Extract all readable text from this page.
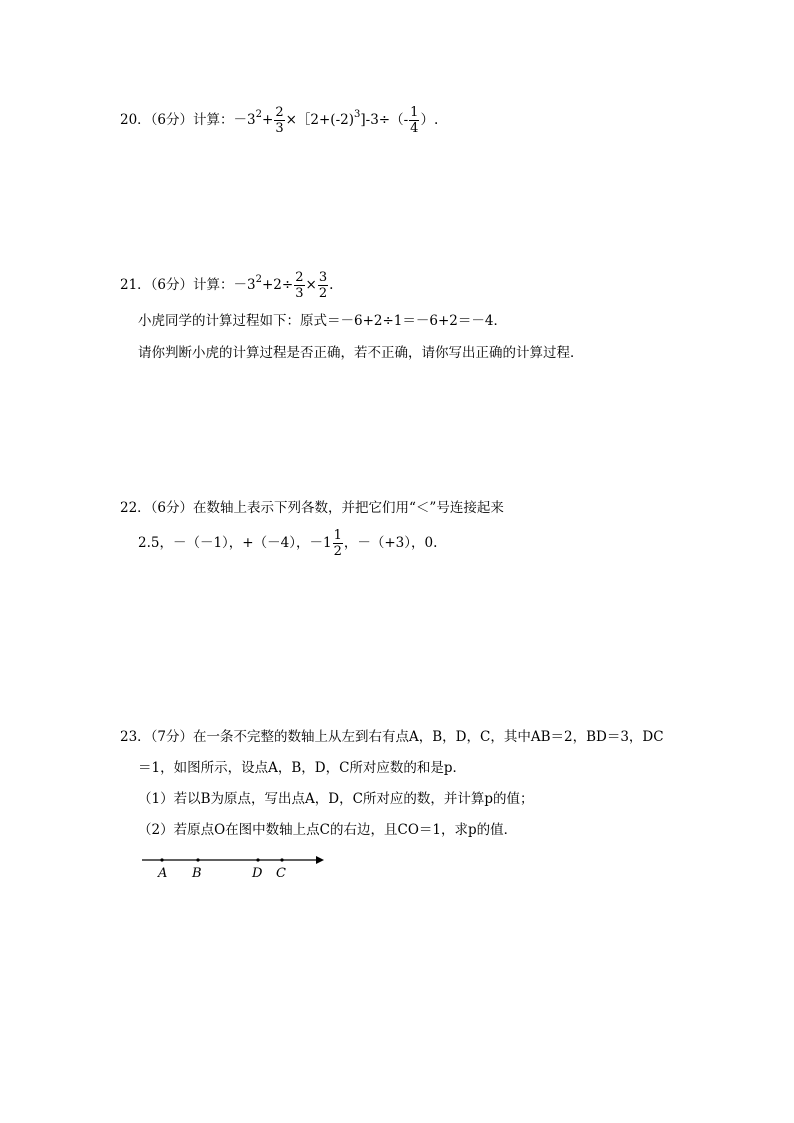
20．（6分）计算：$-3^2+ \frac{2}{3}$ $\times[2+(-2)^3]-3\div(- \frac{1}{4}$ ）.
21．（6分）计算：$-3^2+2\div \frac{2}{3} \times \frac{3}{2}$ .
小虎同学的计算过程如下：原式＝－6+2÷1＝－6+2＝－4．
请你判断小虎的计算过程是否正确，若不正确，请你写出正确的计算过程．
22．（6分）在数轴上表示下列各数，并把它们用“＜”号连接起来
2.5，－（－1），+（－4），$-1 \frac{1}{2}$ ，－（+3），0.
23．（7分）在一条不完整的数轴上从左到右有点A，B，D，C，其中AB＝2，BD＝3，DC
＝1，如图所示，设点A，B，D，C所对应数的和是p．
（1）若以B为原点，写出点A，D，C所对应的数，并计算p的值；
（2）若原点O在图中数轴上点C的右边，且CO＝1，求p的值．
A B	D C
